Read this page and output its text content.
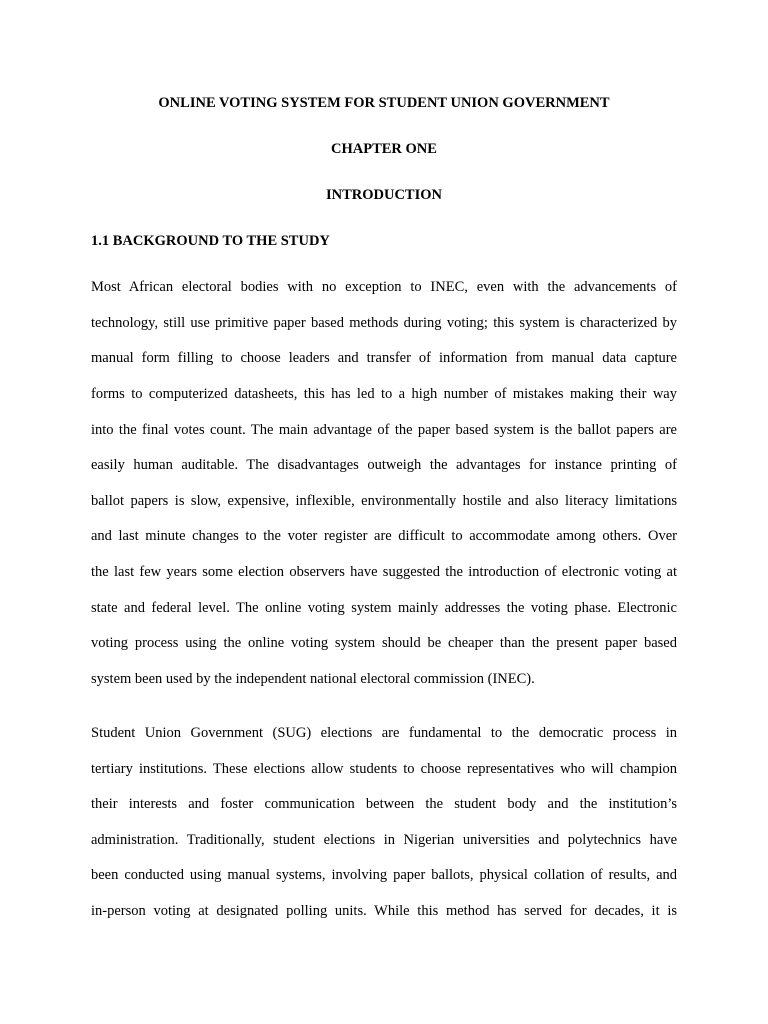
ONLINE VOTING SYSTEM FOR STUDENT UNION GOVERNMENT

CHAPTER ONE

INTRODUCTION

1.1 BACKGROUND TO THE STUDY

Most African electoral bodies with no exception to INEC, even with the advancements of

technology, still use primitive paper based methods during voting; this system is characterized by

manual form filling to choose leaders and transfer of information from manual data capture

forms to computerized datasheets, this has led to a high number of mistakes making their way

into the final votes count. The main advantage of the paper based system is the ballot papers are

easily human auditable. The disadvantages outweigh the advantages for instance printing of

ballot papers is slow, expensive, inflexible, environmentally hostile and also literacy limitations

and last minute changes to the voter register are difficult to accommodate among others. Over

the last few years some election observers have suggested the introduction of electronic voting at

state and federal level. The online voting system mainly addresses the voting phase. Electronic

voting process using the online voting system should be cheaper than the present paper based

system been used by the independent national electoral commission (INEC).

Student Union Government (SUG) elections are fundamental to the democratic process in

tertiary institutions. These elections allow students to choose representatives who will champion

their interests and foster communication between the student body and the institution’s

administration. Traditionally, student elections in Nigerian universities and polytechnics have

been conducted using manual systems, involving paper ballots, physical collation of results, and

in-person voting at designated polling units. While this method has served for decades, it is
